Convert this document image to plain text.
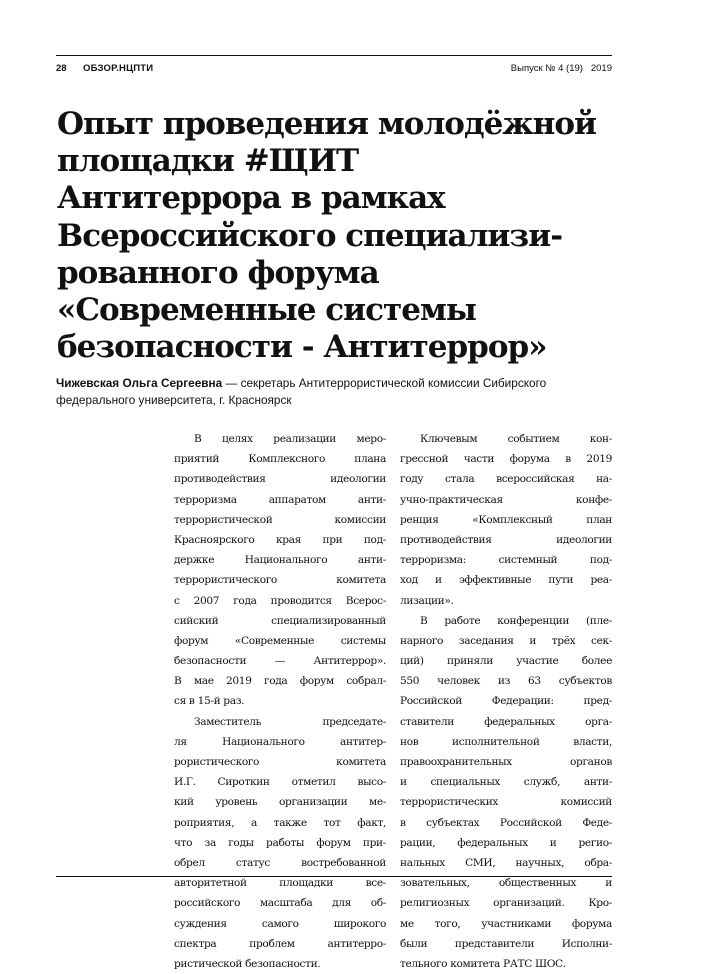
28 ОБЗОР.НЦПТИ	Выпуск № 4 (19)   2019
Опыт проведения молодёжной
площадки #ЩИТ
Антитеррора в рамках
Всероссийского специализи-
рованного форума
«Современные системы
безопасности - Антитеррор»
Чижевская Ольга Сергеевна — секретарь Антитеррористической комиссии Сибирского
федерального университета, г. Красноярск
В целях реализации меро-
приятий Комплексного плана
противодействия идеологии
терроризма аппаратом анти-
террористической комиссии
Красноярского края при под-
держке Национального анти-
террористического комитета
с 2007 года проводится Всерос-
сийский специализированный
форум «Современные системы
безопасности — Антитеррор».
В мае 2019 года форум собрал-
ся в 15-й раз.
Заместитель председате-
ля Национального антитер-
рористического комитета
И.Г. Сироткин отметил высо-
кий уровень организации ме-
роприятия, а также тот факт,
что за годы работы форум при-
обрел статус востребованной
авторитетной площадки все-
российского масштаба для об-
суждения самого широкого
спектра проблем антитерро-
ристической безопасности.
Ключевым событием кон-
грессной части форума в 2019
году стала всероссийская на-
учно-практическая конфе-
ренция «Комплексный план
противодействия идеологии
терроризма: системный под-
ход и эффективные пути реа-
лизации».
В работе конференции (пле-
нарного заседания и трёх сек-
ций) приняли участие более
550 человек из 63 субъектов
Российской Федерации: пред-
ставители федеральных орга-
нов исполнительной власти,
правоохранительных органов
и специальных служб, анти-
террористических комиссий
в субъектах Российской Феде-
рации, федеральных и регио-
нальных СМИ, научных, обра-
зовательных, общественных и
религиозных организаций. Кро-
ме того, участниками форума
были представители Исполни-
тельного комитета РАТС ШОС.
